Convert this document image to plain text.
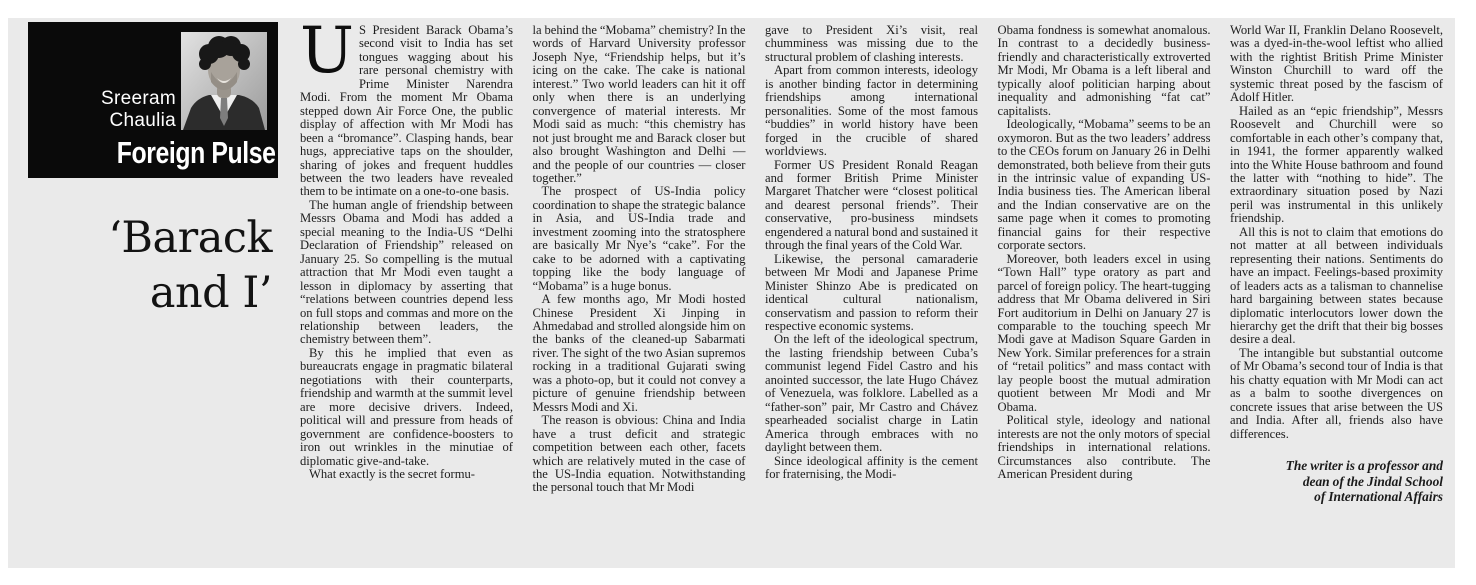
Sreeram
Chaulia
Foreign Pulse
‘Barack
and I’

U S President Barack Obama’s second visit to India has set tongues wagging about his rare personal chemistry with Prime Minister Narendra Modi. From the moment Mr Obama stepped down Air Force One, the public display of affection with Mr Modi has been a “bromance”. Clasping hands, bear hugs, appreciative taps on the shoulder, sharing of jokes and frequent huddles between the two leaders have revealed them to be intimate on a one-to-one basis.

The human angle of friendship between Messrs Obama and Modi has added a special meaning to the India-US “Delhi Declaration of Friendship” released on January 25. So compelling is the mutual attraction that Mr Modi even taught a lesson in diplomacy by asserting that “relations between countries depend less on full stops and commas and more on the relationship between leaders, the chemistry between them”.

By this he implied that even as bureaucrats engage in pragmatic bilateral negotiations with their counterparts, friendship and warmth at the summit level are more decisive drivers. Indeed, political will and pressure from heads of government are confidence-boosters to iron out wrinkles in the minutiae of diplomatic give-and-take.

What exactly is the secret formu-

la behind the “Mobama” chemistry? In the words of Harvard University professor Joseph Nye, “Friendship helps, but it’s icing on the cake. The cake is national interest.” Two world leaders can hit it off only when there is an underlying convergence of material interests. Mr Modi said as much: “this chemistry has not just brought me and Barack closer but also brought Washington and Delhi — and the people of our countries — closer together.”

The prospect of US-India policy coordination to shape the strategic balance in Asia, and US-India trade and investment zooming into the stratosphere are basically Mr Nye’s “cake”. For the cake to be adorned with a captivating topping like the body language of “Mobama” is a huge bonus.

A few months ago, Mr Modi hosted Chinese President Xi Jinping in Ahmedabad and strolled alongside him on the banks of the cleaned-up Sabarmati river. The sight of the two Asian supremos rocking in a traditional Gujarati swing was a photo-op, but it could not convey a picture of genuine friendship between Messrs Modi and Xi.

The reason is obvious: China and India have a trust deficit and strategic competition between each other, facets which are relatively muted in the case of the US-India equation. Notwithstanding the personal touch that Mr Modi

gave to President Xi’s visit, real chumminess was missing due to the structural problem of clashing interests.

Apart from common interests, ideology is another binding factor in determining friendships among international personalities. Some of the most famous “buddies” in world history have been forged in the crucible of shared worldviews.

Former US President Ronald Reagan and former British Prime Minister Margaret Thatcher were “closest political and dearest personal friends”. Their conservative, pro-business mindsets engendered a natural bond and sustained it through the final years of the Cold War.

Likewise, the personal camaraderie between Mr Modi and Japanese Prime Minister Shinzo Abe is predicated on identical cultural nationalism, conservatism and passion to reform their respective economic systems.

On the left of the ideological spectrum, the lasting friendship between Cuba’s communist legend Fidel Castro and his anointed successor, the late Hugo Chávez of Venezuela, was folklore. Labelled as a “father-son” pair, Mr Castro and Chávez spearheaded socialist charge in Latin America through embraces with no daylight between them.

Since ideological affinity is the cement for fraternising, the Modi-

Obama fondness is somewhat anomalous. In contrast to a decidedly business-friendly and characteristically extroverted Mr Modi, Mr Obama is a left liberal and typically aloof politician harping about inequality and admonishing “fat cat” capitalists.

Ideologically, “Mobama” seems to be an oxymoron. But as the two leaders’ address to the CEOs forum on January 26 in Delhi demonstrated, both believe from their guts in the intrinsic value of expanding US-India business ties. The American liberal and the Indian conservative are on the same page when it comes to promoting financial gains for their respective corporate sectors.

Moreover, both leaders excel in using “Town Hall” type oratory as part and parcel of foreign policy. The heart-tugging address that Mr Obama delivered in Siri Fort auditorium in Delhi on January 27 is comparable to the touching speech Mr Modi gave at Madison Square Garden in New York. Similar preferences for a strain of “retail politics” and mass contact with lay people boost the mutual admiration quotient between Mr Modi and Mr Obama.

Political style, ideology and national interests are not the only motors of special friendships in international relations. Circumstances also contribute. The American President during

World War II, Franklin Delano Roosevelt, was a dyed-in-the-wool leftist who allied with the rightist British Prime Minister Winston Churchill to ward off the systemic threat posed by the fascism of Adolf Hitler.

Hailed as an “epic friendship”, Messrs Roosevelt and Churchill were so comfortable in each other’s company that, in 1941, the former apparently walked into the White House bathroom and found the latter with “nothing to hide”. The extraordinary situation posed by Nazi peril was instrumental in this unlikely friendship.

All this is not to claim that emotions do not matter at all between individuals representing their nations. Sentiments do have an impact. Feelings-based proximity of leaders acts as a talisman to channelise hard bargaining between states because diplomatic interlocutors lower down the hierarchy get the drift that their big bosses desire a deal.

The intangible but substantial outcome of Mr Obama’s second tour of India is that his chatty equation with Mr Modi can act as a balm to soothe divergences on concrete issues that arise between the US and India. After all, friends also have differences.

The writer is a professor and
dean of the Jindal School
of International Affairs
